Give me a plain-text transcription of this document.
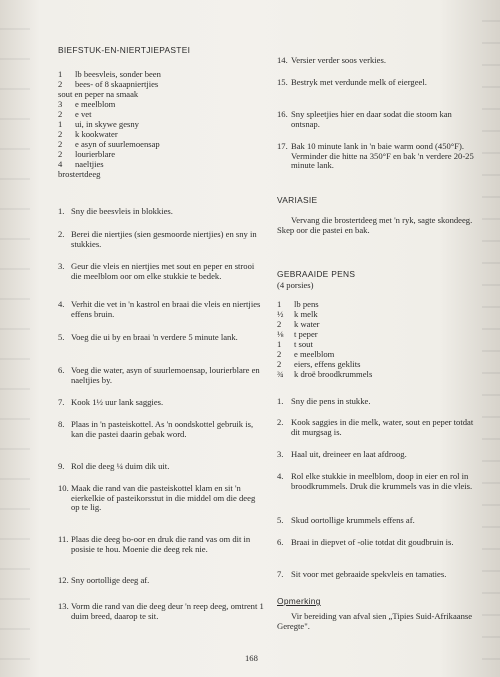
BIEFSTUK-EN-NIERTJIEPASTEI
1 lb beesvleis, sonder been
2 bees- of 8 skaapniertjies
sout en peper na smaak
3 e meelblom
2 e vet
1 ui, in skywe gesny
2 k kookwater
2 e asyn of suurlemoensap
2 lourierblare
4 naeltjies
brostertdeeg
1. Sny die beesvleis in blokkies.
2. Berei die niertjies (sien gesmoorde niertjies) en sny in stukkies.
3. Geur die vleis en niertjies met sout en peper en strooi die meelblom oor om elke stukkie te bedek.
4. Verhit die vet in 'n kastrol en braai die vleis en niertjies effens bruin.
5. Voeg die ui by en braai 'n verdere 5 minute lank.
6. Voeg die water, asyn of suurlemoensap, lourierblare en naeltjies by.
7. Kook 1½ uur lank saggies.
8. Plaas in 'n pasteiskottel. As 'n oondskottel gebruik is, kan die pastei daarin gebak word.
9. Rol die deeg ¼ duim dik uit.
10. Maak die rand van die pasteiskottel klam en sit 'n eierkelkie of pasteikorsstut in die middel om die deeg op te lig.
11. Plaas die deeg bo-oor en druk die rand vas om dit in posisie te hou. Moenie die deeg rek nie.
12. Sny oortollige deeg af.
13. Vorm die rand van die deeg deur 'n reep deeg, omtrent 1 duim breed, daarop te sit.
14. Versier verder soos verkies.
15. Bestryk met verdunde melk of eiergeel.
16. Sny spleetjies hier en daar sodat die stoom kan ontsnap.
17. Bak 10 minute lank in 'n baie warm oond (450°F). Verminder die hitte na 350°F en bak 'n verdere 20-25 minute lank.
VARIASIE
Vervang die brostertdeeg met 'n ryk, sagte skondeeg. Skep oor die pastei en bak.
GEBRAAIDE PENS
(4 porsies)
1 lb pens
½ k melk
2 k water
⅛ t peper
1 t sout
2 e meelblom
2 eiers, effens geklits
¾ k droë broodkrummels
1. Sny die pens in stukke.
2. Kook saggies in die melk, water, sout en peper totdat dit murgsag is.
3. Haal uit, dreineer en laat afdroog.
4. Rol elke stukkie in meelblom, doop in eier en rol in broodkrummels. Druk die krummels vas in die vleis.
5. Skud oortollige krummels effens af.
6. Braai in diepvet of -olie totdat dit goudbruin is.
7. Sit voor met gebraaide spekvleis en tamaties.
Opmerking
Vir bereiding van afval sien „Tipies Suid-Afrikaanse Geregte".
168
